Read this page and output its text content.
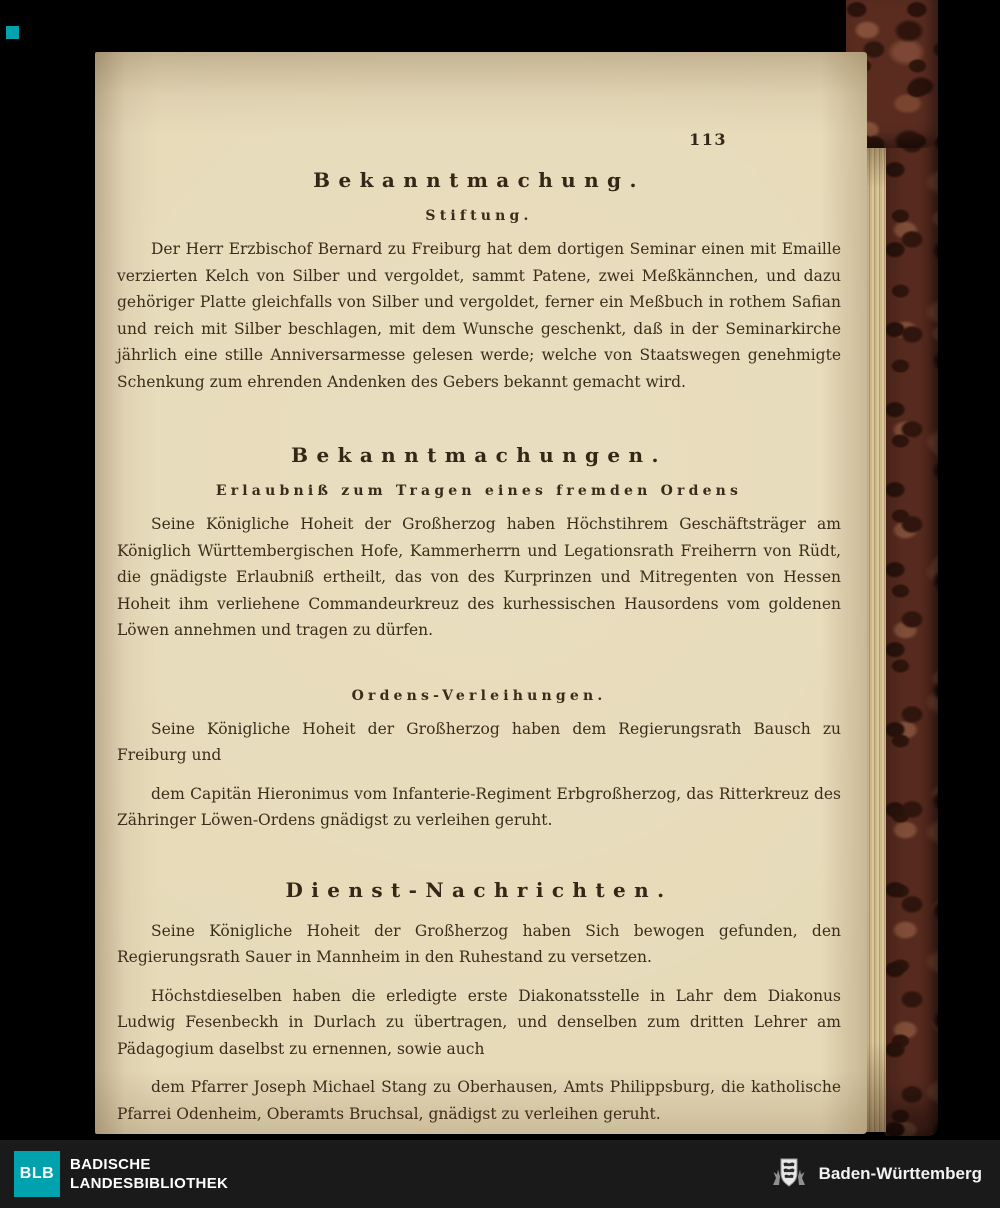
113
Bekanntmachung.
Stiftung.

Der Herr Erzbischof Bernard zu Freiburg hat dem dortigen Seminar einen mit Emaille verzierten Kelch von Silber und vergoldet, sammt Patene, zwei Meßkännchen, und dazu gehöriger Platte gleichfalls von Silber und vergoldet, ferner ein Meßbuch in rothem Safian und reich mit Silber beschlagen, mit dem Wunsche geschenkt, daß in der Seminarkirche jährlich eine stille Anniversarmesse gelesen werde; welche von Staatswegen genehmigte Schenkung zum ehrenden Andenken des Gebers bekannt gemacht wird.

Bekanntmachungen.
Erlaubniß zum Tragen eines fremden Ordens

Seine Königliche Hoheit der Großherzog haben Höchstihrem Geschäftsträger am Königlich Württembergischen Hofe, Kammerherrn und Legationsrath Freiherrn von Rüdt, die gnädigste Erlaubniß ertheilt, das von des Kurprinzen und Mitregenten von Hessen Hoheit ihm verliehene Commandeurkreuz des kurhessischen Hausordens vom goldenen Löwen annehmen und tragen zu dürfen.

Ordens-Verleihungen.

Seine Königliche Hoheit der Großherzog haben dem Regierungsrath Bausch zu Freiburg und

dem Capitän Hieronimus vom Infanterie-Regiment Erbgroßherzog, das Ritterkreuz des Zähringer Löwen-Ordens gnädigst zu verleihen geruht.

Dienst-Nachrichten.

Seine Königliche Hoheit der Großherzog haben Sich bewogen gefunden, den Regierungsrath Sauer in Mannheim in den Ruhestand zu versetzen.

Höchstdieselben haben die erledigte erste Diakonatsstelle in Lahr dem Diakonus Ludwig Fesenbeckh in Durlach zu übertragen, und denselben zum dritten Lehrer am Pädagogium daselbst zu ernennen, sowie auch

dem Pfarrer Joseph Michael Stang zu Oberhausen, Amts Philippsburg, die katholische Pfarrei Odenheim, Oberamts Bruchsal, gnädigst zu verleihen geruht.

BLB
BADISCHE
LANDESBIBLIOTHEK
Baden-Württemberg
